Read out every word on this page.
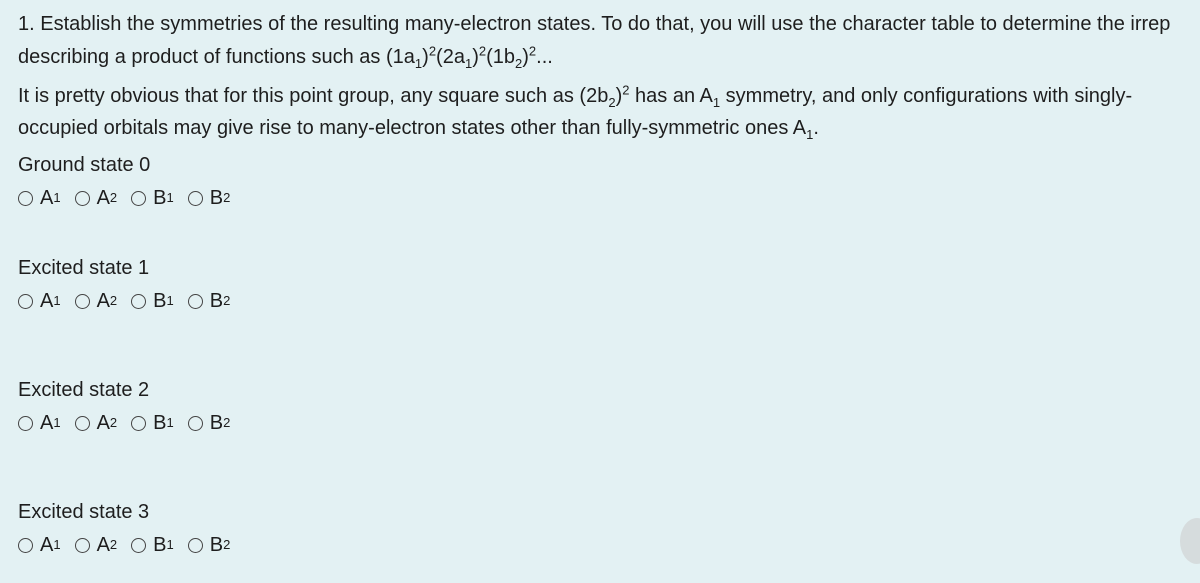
1. Establish the symmetries of the resulting many-electron states. To do that, you will use the character table to determine the irrep describing a product of functions such as $(1a_1)^2(2a_1)^2(1b_2)^2$...
It is pretty obvious that for this point group, any square such as $(2b_2)^2$ has an $A_1$ symmetry, and only configurations with singly-occupied orbitals may give rise to many-electron states other than fully-symmetric ones $A_1$.
Ground state 0
A 1 A 2 B 1 B 2
Excited state 1
A 1 A 2 B 1 B 2
Excited state 2
A 1 A 2 B 1 B 2
Excited state 3
A 1 A 2 B 1 B 2
